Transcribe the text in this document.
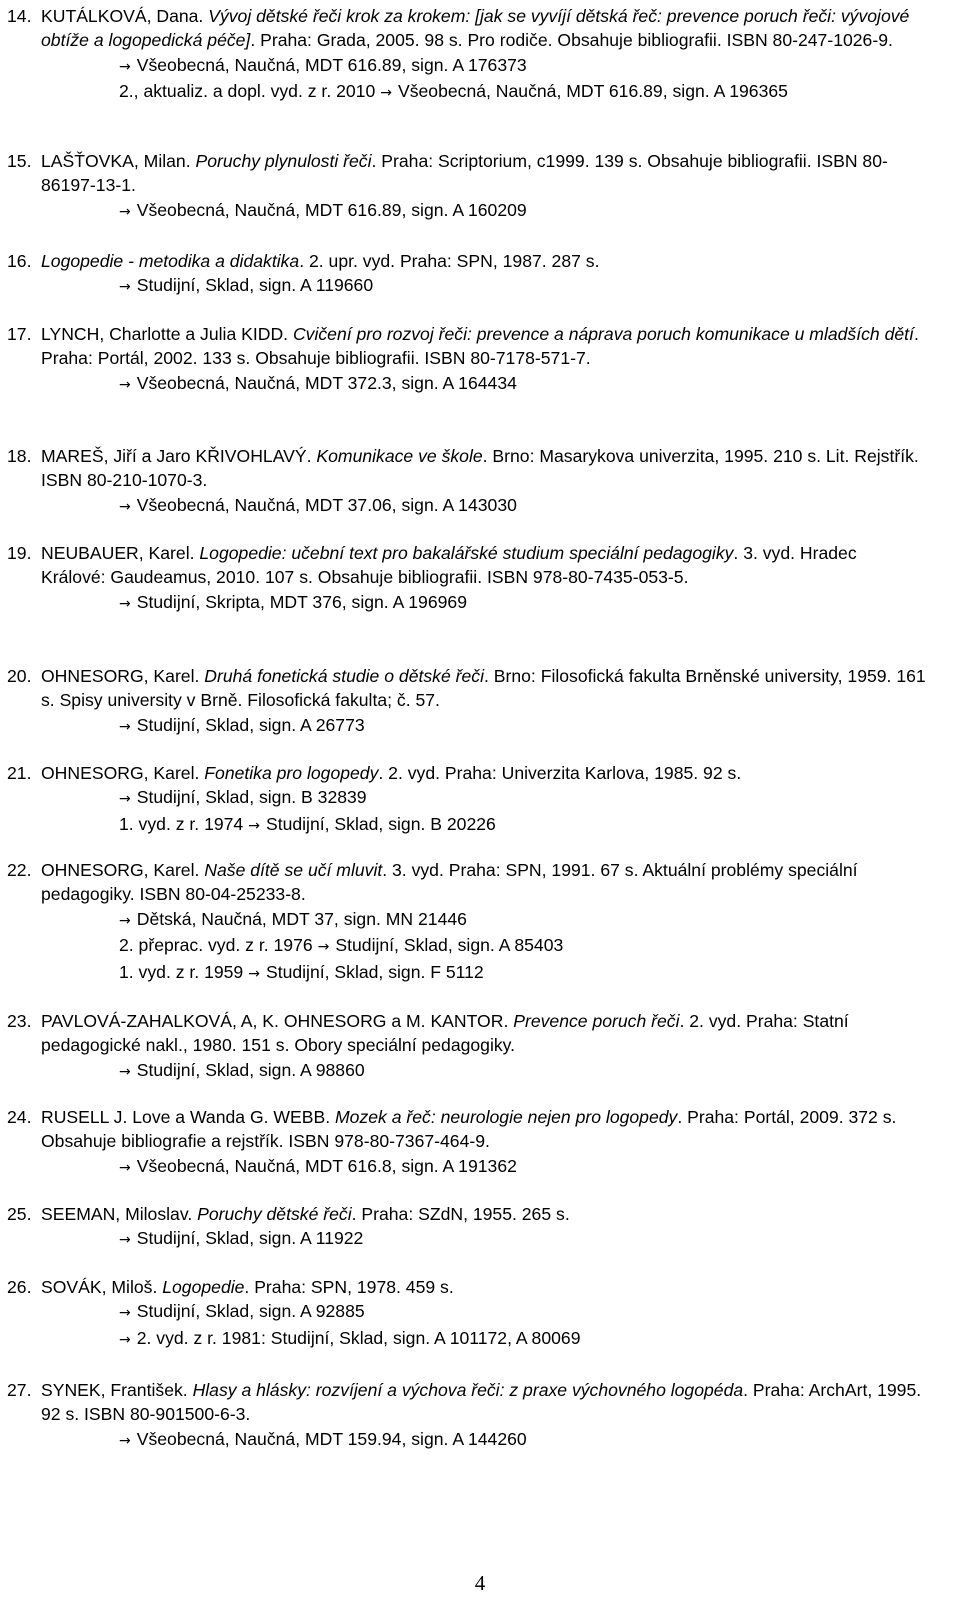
14. KUTÁLKOVÁ, Dana. Vývoj dětské řeči krok za krokem: [jak se vyvíjí dětská řeč: prevence poruch řeči: vývojové obtíže a logopedická péče]. Praha: Grada, 2005. 98 s. Pro rodiče. Obsahuje bibliografii. ISBN 80-247-1026-9.
→ Všeobecná, Naučná, MDT 616.89, sign. A 176373
2., aktualiz. a dopl. vyd. z r. 2010 → Všeobecná, Naučná, MDT 616.89, sign. A 196365
15. LAŠŤOVKA, Milan. Poruchy plynulosti řeči. Praha: Scriptorium, c1999. 139 s. Obsahuje bibliografii. ISBN 80-86197-13-1.
→ Všeobecná, Naučná, MDT 616.89, sign. A 160209
16. Logopedie - metodika a didaktika. 2. upr. vyd. Praha: SPN, 1987. 287 s.
→ Studijní, Sklad, sign. A 119660
17. LYNCH, Charlotte a Julia KIDD. Cvičení pro rozvoj řeči: prevence a náprava poruch komunikace u mladších dětí. Praha: Portál, 2002. 133 s. Obsahuje bibliografii. ISBN 80-7178-571-7.
→ Všeobecná, Naučná, MDT 372.3, sign. A 164434
18. MAREŠ, Jiří a Jaro KŘIVOHLAVÝ. Komunikace ve škole. Brno: Masarykova univerzita, 1995. 210 s. Lit. Rejstřík. ISBN 80-210-1070-3.
→ Všeobecná, Naučná, MDT 37.06, sign. A 143030
19. NEUBAUER, Karel. Logopedie: učební text pro bakalářské studium speciální pedagogiky. 3. vyd. Hradec Králové: Gaudeamus, 2010. 107 s. Obsahuje bibliografii. ISBN 978-80-7435-053-5.
→ Studijní, Skripta, MDT 376, sign. A 196969
20. OHNESORG, Karel. Druhá fonetická studie o dětské řeči. Brno: Filosofická fakulta Brněnské university, 1959. 161 s. Spisy university v Brně. Filosofická fakulta; č. 57.
→ Studijní, Sklad, sign. A 26773
21. OHNESORG, Karel. Fonetika pro logopedy. 2. vyd. Praha: Univerzita Karlova, 1985. 92 s.
→ Studijní, Sklad, sign. B 32839
1. vyd. z r. 1974 → Studijní, Sklad, sign. B 20226
22. OHNESORG, Karel. Naše dítě se učí mluvit. 3. vyd. Praha: SPN, 1991. 67 s. Aktuální problémy speciální pedagogiky. ISBN 80-04-25233-8.
→ Dětská, Naučná, MDT 37, sign. MN 21446
2. přeprac. vyd. z r. 1976 → Studijní, Sklad, sign. A 85403
1. vyd. z r. 1959 → Studijní, Sklad, sign. F 5112
23. PAVLOVÁ-ZAHALKOVÁ, A, K. OHNESORG a M. KANTOR. Prevence poruch řeči. 2. vyd. Praha: Statní pedagogické nakl., 1980. 151 s. Obory speciální pedagogiky.
→ Studijní, Sklad, sign. A 98860
24. RUSELL J. Love a Wanda G. WEBB. Mozek a řeč: neurologie nejen pro logopedy. Praha: Portál, 2009. 372 s. Obsahuje bibliografie a rejstřík. ISBN 978-80-7367-464-9.
→ Všeobecná, Naučná, MDT 616.8, sign. A 191362
25. SEEMAN, Miloslav. Poruchy dětské řeči. Praha: SZdN, 1955. 265 s.
→ Studijní, Sklad, sign. A 11922
26. SOVÁK, Miloš. Logopedie. Praha: SPN, 1978. 459 s.
→ Studijní, Sklad, sign. A 92885
→ 2. vyd. z r. 1981: Studijní, Sklad, sign. A 101172, A 80069
27. SYNEK, František. Hlasy a hlásky: rozvíjení a výchova řeči: z praxe výchovného logopéda. Praha: ArchArt, 1995. 92 s. ISBN 80-901500-6-3.
→ Všeobecná, Naučná, MDT 159.94, sign. A 144260
4
